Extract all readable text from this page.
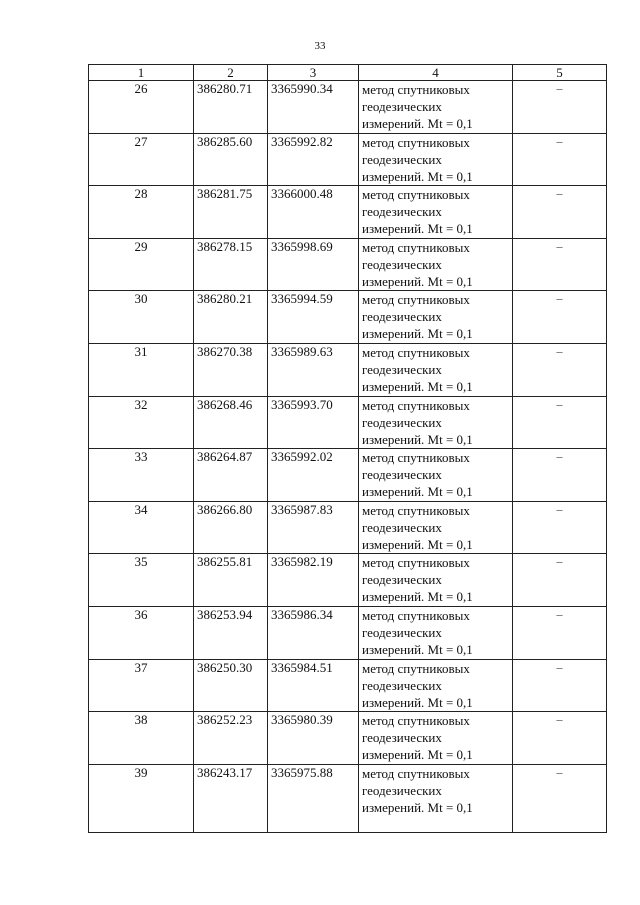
33
1	2	3	4	5
26	386280.71	3365990.34	метод спутниковых
геодезических
измерений. Mt = 0,1	–
27	386285.60	3365992.82	метод спутниковых
геодезических
измерений. Mt = 0,1	–
28	386281.75	3366000.48	метод спутниковых
геодезических
измерений. Mt = 0,1	–
29	386278.15	3365998.69	метод спутниковых
геодезических
измерений. Mt = 0,1	–
30	386280.21	3365994.59	метод спутниковых
геодезических
измерений. Mt = 0,1	–
31	386270.38	3365989.63	метод спутниковых
геодезических
измерений. Mt = 0,1	–
32	386268.46	3365993.70	метод спутниковых
геодезических
измерений. Mt = 0,1	–
33	386264.87	3365992.02	метод спутниковых
геодезических
измерений. Mt = 0,1	–
34	386266.80	3365987.83	метод спутниковых
геодезических
измерений. Mt = 0,1	–
35	386255.81	3365982.19	метод спутниковых
геодезических
измерений. Mt = 0,1	–
36	386253.94	3365986.34	метод спутниковых
геодезических
измерений. Mt = 0,1	–
37	386250.30	3365984.51	метод спутниковых
геодезических
измерений. Mt = 0,1	–
38	386252.23	3365980.39	метод спутниковых
геодезических
измерений. Mt = 0,1	–
39	386243.17	3365975.88	метод спутниковых
геодезических
измерений. Mt = 0,1	–
